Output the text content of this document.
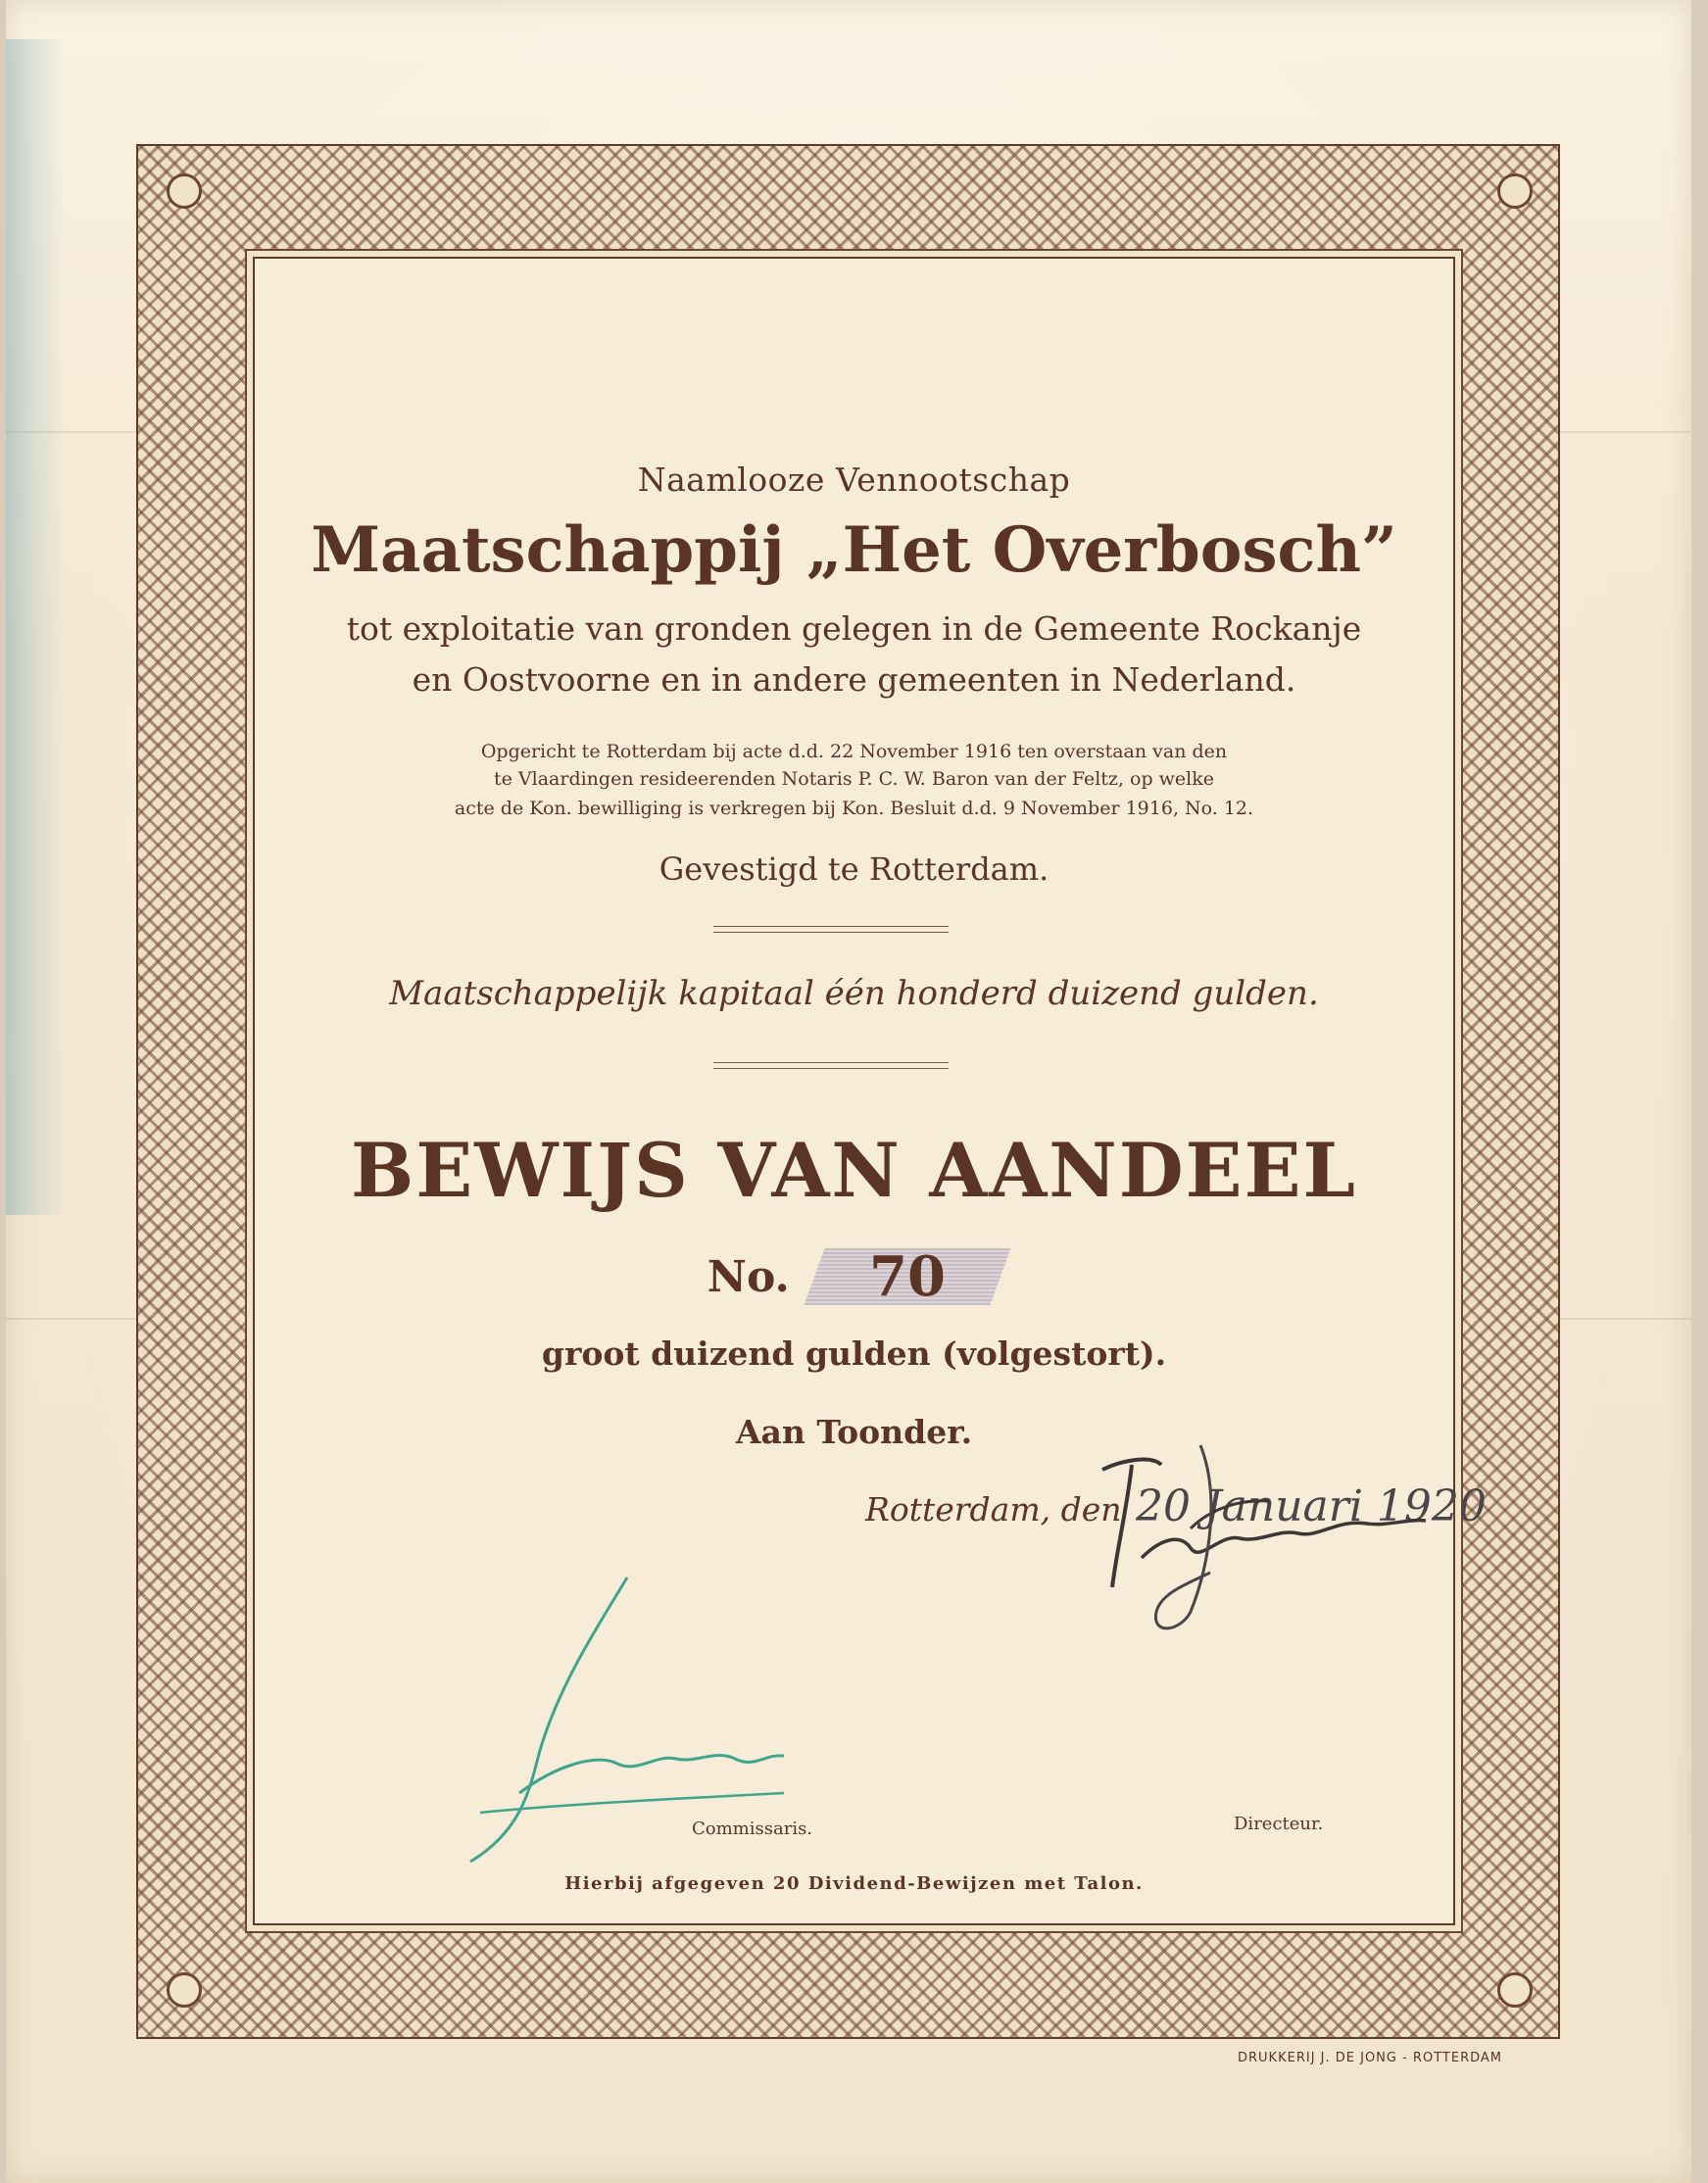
Naamlooze Vennootschap

Maatschappij „Het Overbosch”

tot exploitatie van gronden gelegen in de Gemeente Rockanje

en Oostvoorne en in andere gemeenten in Nederland.

Opgericht te Rotterdam bij acte d.d. 22 November 1916 ten overstaan van den

te Vlaardingen resideerenden Notaris P. C. W. Baron van der Feltz, op welke

acte de Kon. bewilliging is verkregen bij Kon. Besluit d.d. 9 November 1916, No. 12.

Gevestigd te Rotterdam.

Maatschappelijk kapitaal één honderd duizend gulden.

BEWIJS VAN AANDEEL

No. 70

groot duizend gulden (volgestort).

Aan Toonder.

Rotterdam, den 20 Januari 1920
Commissaris.	Directeur.
Hierbij afgegeven 20 Dividend-Bewijzen met Talon.
DRUKKERIJ J. DE JONG - ROTTERDAM
